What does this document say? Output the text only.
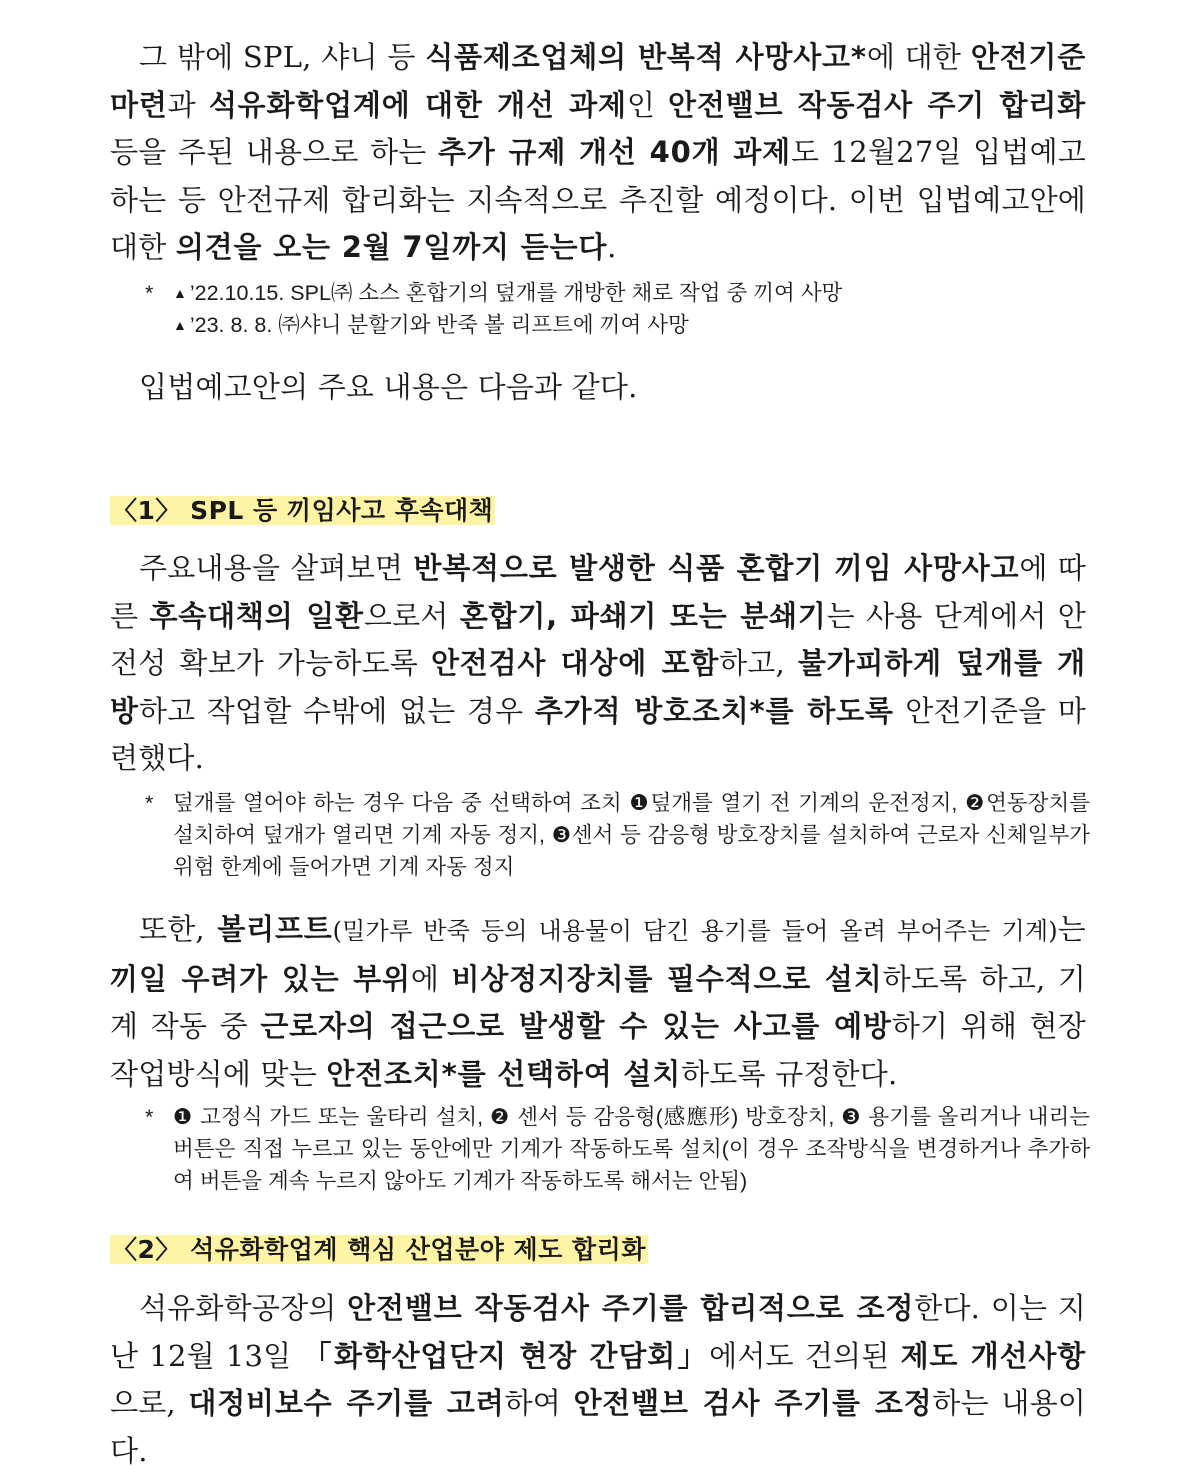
그 밖에 SPL, 샤니 등 식품제조업체의 반복적 사망사고*에 대한 안전기준 마련과 석유화학업계에 대한 개선 과제인 안전밸브 작동검사 주기 합리화 등을 주된 내용으로 하는 추가 규제 개선 40개 과제도 12월27일 입법예고하는 등 안전규제 합리화는 지속적으로 추진할 예정이다. 이번 입법예고안에 대한 의견을 오는 2월 7일까지 듣는다.
* ▲ ’22.10.15. SPL㈜ 소스 혼합기의 덮개를 개방한 채로 작업 중 끼여 사망
▲ ’23. 8. 8. ㈜샤니 분할기와 반죽 볼 리프트에 끼여 사망
입법예고안의 주요 내용은 다음과 같다.
〈1〉 SPL 등 끼임사고 후속대책
주요내용을 살펴보면 반복적으로 발생한 식품 혼합기 끼임 사망사고에 따른 후속대책의 일환으로서 혼합기, 파쇄기 또는 분쇄기는 사용 단계에서 안전성 확보가 가능하도록 안전검사 대상에 포함하고, 불가피하게 덮개를 개방하고 작업할 수밖에 없는 경우 추가적 방호조치*를 하도록 안전기준을 마련했다.
* 덮개를 열어야 하는 경우 다음 중 선택하여 조치 ❶덮개를 열기 전 기계의 운전정지, ❷연동장치를 설치하여 덮개가 열리면 기계 자동 정지, ❸센서 등 감응형 방호장치를 설치하여 근로자 신체일부가 위험 한계에 들어가면 기계 자동 정지
또한, 볼리프트(밀가루 반죽 등의 내용물이 담긴 용기를 들어 올려 부어주는 기계)는 끼일 우려가 있는 부위에 비상정지장치를 필수적으로 설치하도록 하고, 기계 작동 중 근로자의 접근으로 발생할 수 있는 사고를 예방하기 위해 현장 작업방식에 맞는 안전조치*를 선택하여 설치하도록 규정한다.
* ❶ 고정식 가드 또는 울타리 설치, ❷ 센서 등 감응형(感應形) 방호장치, ❸ 용기를 올리거나 내리는 버튼은 직접 누르고 있는 동안에만 기계가 작동하도록 설치(이 경우 조작방식을 변경하거나 추가하여 버튼을 계속 누르지 않아도 기계가 작동하도록 해서는 안됨)
〈2〉 석유화학업계 핵심 산업분야 제도 합리화
석유화학공장의 안전밸브 작동검사 주기를 합리적으로 조정한다. 이는 지난 12월 13일 「화학산업단지 현장 간담회」에서도 건의된 제도 개선사항으로, 대정비보수 주기를 고려하여 안전밸브 검사 주기를 조정하는 내용이다.
